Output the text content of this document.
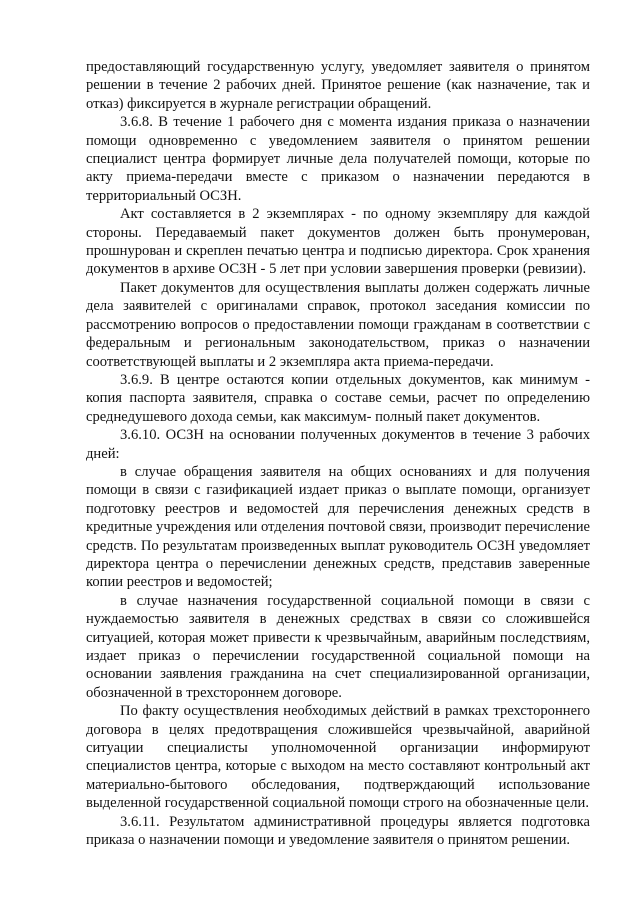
предоставляющий государственную услугу, уведомляет заявителя о принятом решении в течение 2 рабочих дней. Принятое решение (как назначение, так и отказ) фиксируется в журнале регистрации обращений.

3.6.8. В течение 1 рабочего дня с момента издания приказа о назначении помощи одновременно с уведомлением заявителя о принятом решении специалист центра формирует личные дела получателей помощи, которые по акту приема-передачи вместе с приказом о назначении передаются в территориальный ОСЗН.

Акт составляется в 2 экземплярах - по одному экземпляру для каждой стороны. Передаваемый пакет документов должен быть пронумерован, прошнурован и скреплен печатью центра и подписью директора. Срок хранения документов в архиве ОСЗН - 5 лет при условии завершения проверки (ревизии).

Пакет документов для осуществления выплаты должен содержать личные дела заявителей с оригиналами справок, протокол заседания комиссии по рассмотрению вопросов о предоставлении помощи гражданам в соответствии с федеральным и региональным законодательством, приказ о назначении соответствующей выплаты и 2 экземпляра акта приема-передачи.

3.6.9. В центре остаются копии отдельных документов, как минимум - копия паспорта заявителя, справка о составе семьи, расчет по определению среднедушевого дохода семьи, как максимум- полный пакет документов.

3.6.10. ОСЗН на основании полученных документов в течение 3 рабочих дней:

в случае обращения заявителя на общих основаниях и для получения помощи в связи с газификацией издает приказ о выплате помощи, организует подготовку реестров и ведомостей для перечисления денежных средств в кредитные учреждения или отделения почтовой связи, производит перечисление средств. По результатам произведенных выплат руководитель ОСЗН уведомляет директора центра о перечислении денежных средств, представив заверенные копии реестров и ведомостей;

в случае назначения государственной социальной помощи в связи с нуждаемостью заявителя в денежных средствах в связи со сложившейся ситуацией, которая может привести к чрезвычайным, аварийным последствиям, издает приказ о перечислении государственной социальной помощи на основании заявления гражданина на счет специализированной организации, обозначенной в трехстороннем договоре.

По факту осуществления необходимых действий в рамках трехстороннего договора в целях предотвращения сложившейся чрезвычайной, аварийной ситуации специалисты уполномоченной организации информируют специалистов центра, которые с выходом на место составляют контрольный акт материально-бытового обследования, подтверждающий использование выделенной государственной социальной помощи строго на обозначенные цели.

3.6.11. Результатом административной процедуры является подготовка приказа о назначении помощи и уведомление заявителя о принятом решении.
